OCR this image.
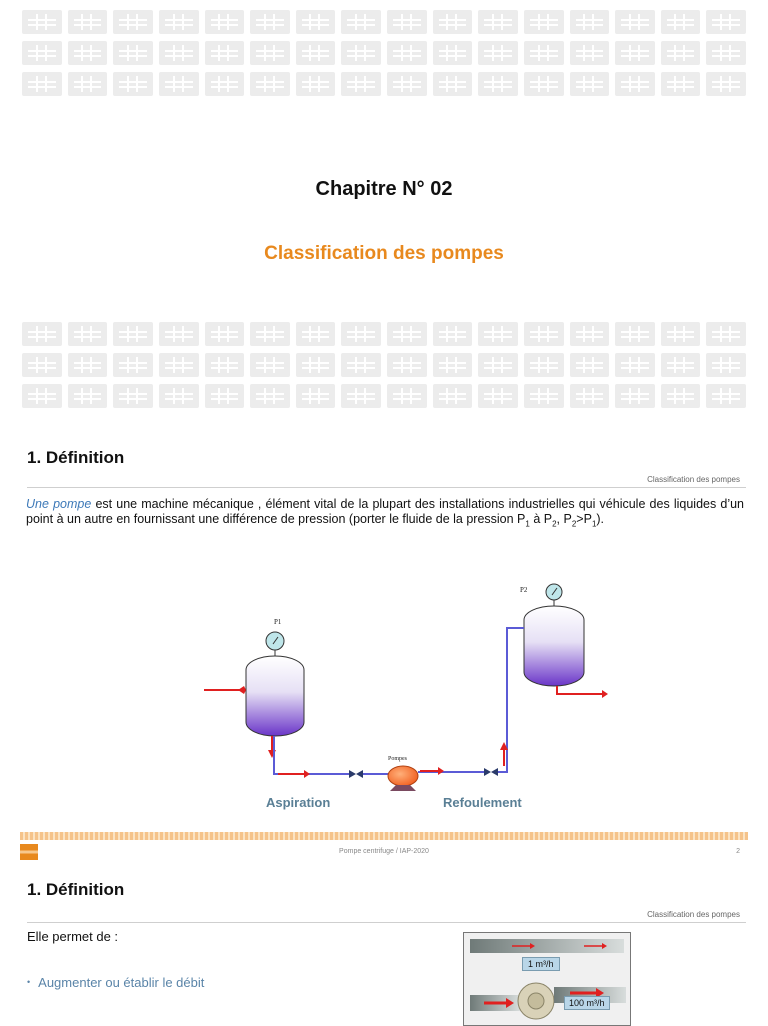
Chapitre N° 02
Classification des pompes
1. Définition
Classification des pompes
Une pompe est une machine mécanique , élément vital de la plupart des installations industrielles qui véhicule des liquides d’un point à un autre en fournissant une différence de pression (porter le fluide de la pression $P_1$ à $P_2$, $P_2>P_1$).
P1
P2
Pompes
Aspiration	Refoulement
Pompe centrifuge / IAP-2020	2
1. Définition
Classification des pompes
Elle permet de :
• Augmenter ou établir le débit
1 m³/h
100 m³/h
